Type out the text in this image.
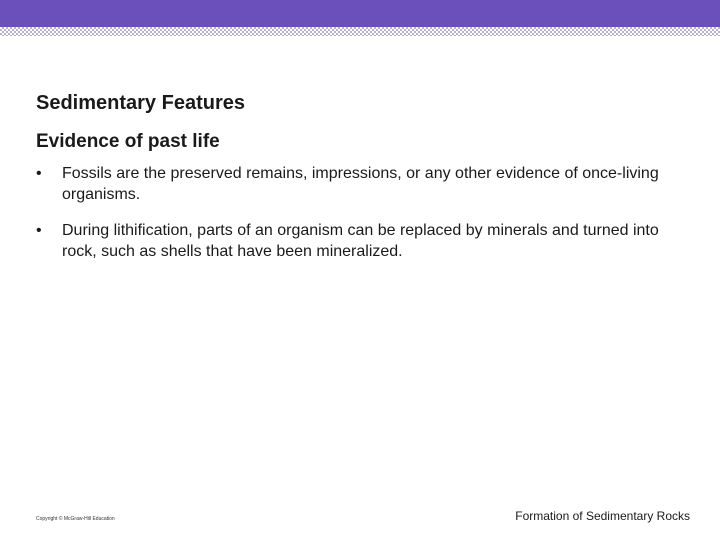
Sedimentary Features
Evidence of past life
• Fossils are the preserved remains, impressions, or any other evidence of once-living organisms.
• During lithification, parts of an organism can be replaced by minerals and turned into rock, such as shells that have been mineralized.
Copyright © McGraw-Hill Education	Formation of Sedimentary Rocks
